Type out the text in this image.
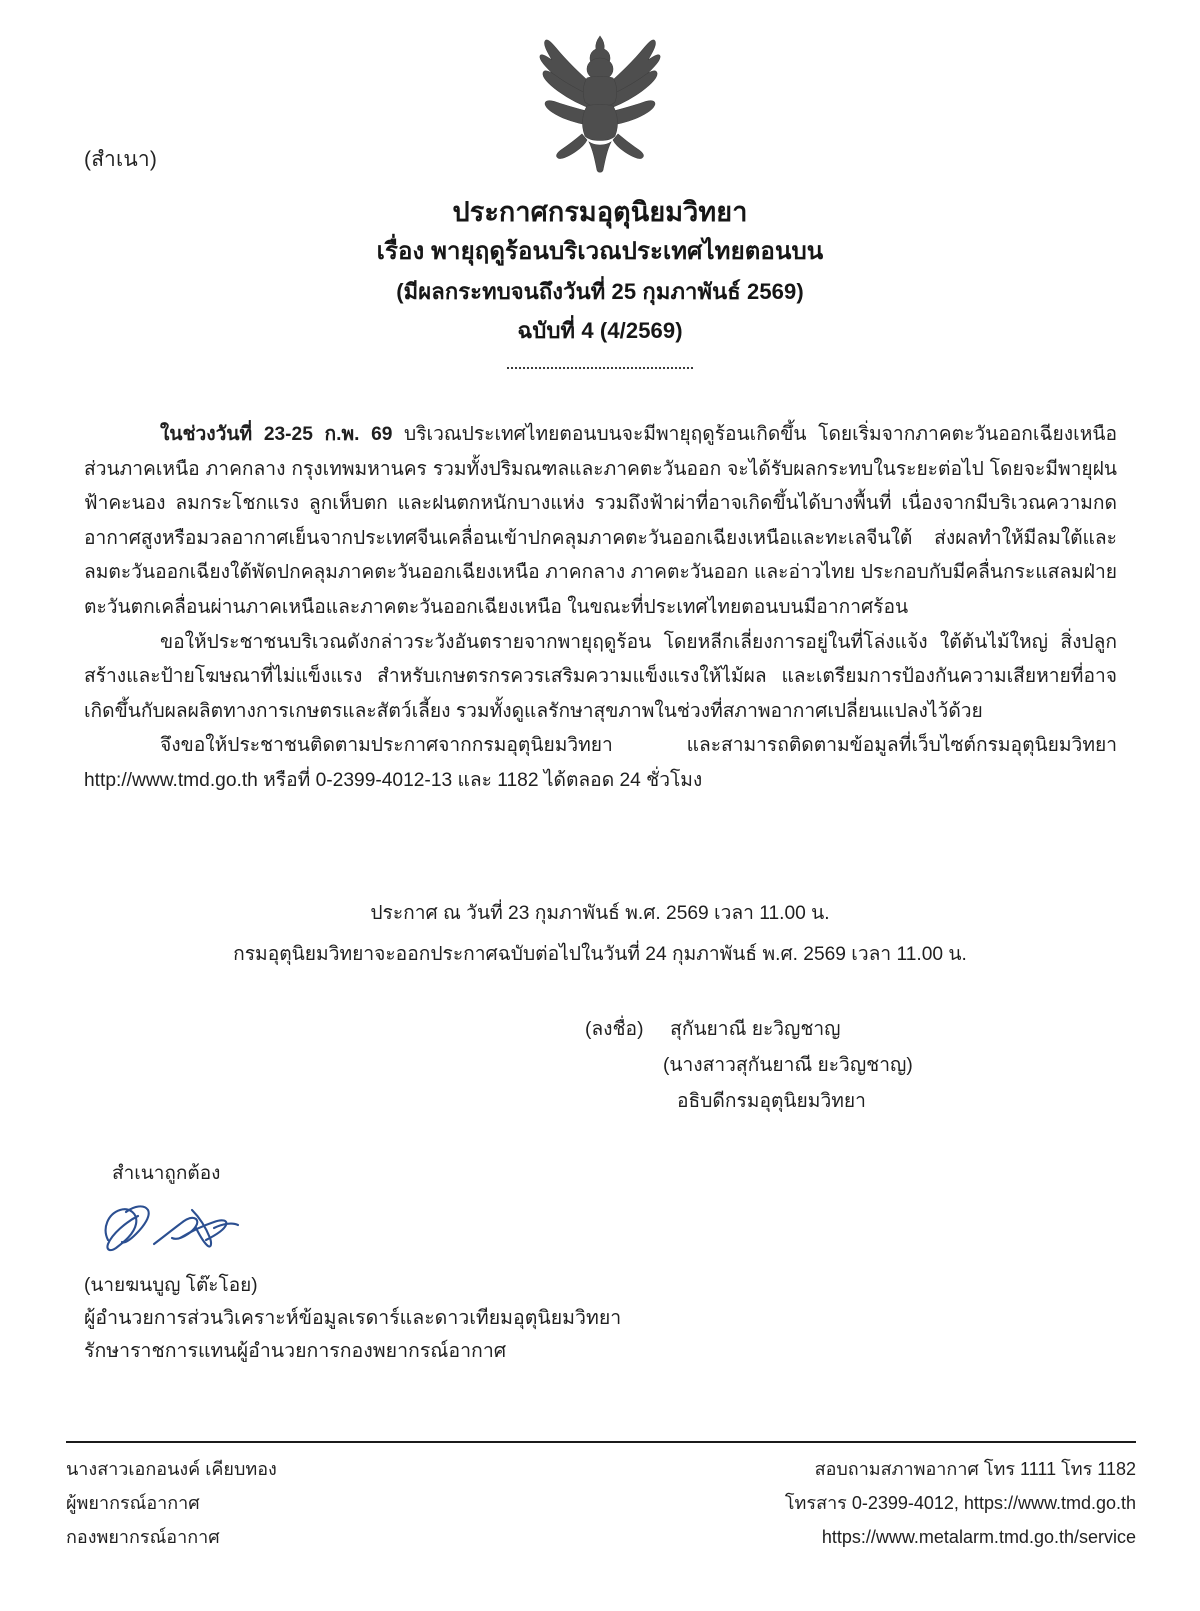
(สำเนา)
ประกาศกรมอุตุนิยมวิทยา
เรื่อง พายุฤดูร้อนบริเวณประเทศไทยตอนบน
(มีผลกระทบจนถึงวันที่ 25 กุมภาพันธ์ 2569)
ฉบับที่ 4 (4/2569)

ในช่วงวันที่ 23-25 ก.พ. 69 บริเวณประเทศไทยตอนบนจะมีพายุฤดูร้อนเกิดขึ้น โดยเริ่มจากภาคตะวันออกเฉียงเหนือ ส่วนภาคเหนือ ภาคกลาง กรุงเทพมหานคร รวมทั้งปริมณฑลและภาคตะวันออก จะได้รับผลกระทบในระยะต่อไป โดยจะมีพายุฝนฟ้าคะนอง ลมกระโชกแรง ลูกเห็บตก และฝนตกหนักบางแห่ง รวมถึงฟ้าผ่าที่อาจเกิดขึ้นได้บางพื้นที่ เนื่องจากมีบริเวณความกดอากาศสูงหรือมวลอากาศเย็นจากประเทศจีนเคลื่อนเข้าปกคลุมภาคตะวันออกเฉียงเหนือและทะเลจีนใต้ ส่งผลทำให้มีลมใต้และลมตะวันออกเฉียงใต้พัดปกคลุมภาคตะวันออกเฉียงเหนือ ภาคกลาง ภาคตะวันออก และอ่าวไทย ประกอบกับมีคลื่นกระแสลมฝ่ายตะวันตกเคลื่อนผ่านภาคเหนือและภาคตะวันออกเฉียงเหนือ ในขณะที่ประเทศไทยตอนบนมีอากาศร้อน

ขอให้ประชาชนบริเวณดังกล่าวระวังอันตรายจากพายุฤดูร้อน โดยหลีกเลี่ยงการอยู่ในที่โล่งแจ้ง ใต้ต้นไม้ใหญ่ สิ่งปลูกสร้างและป้ายโฆษณาที่ไม่แข็งแรง สำหรับเกษตรกรควรเสริมความแข็งแรงให้ไม้ผล และเตรียมการป้องกันความเสียหายที่อาจเกิดขึ้นกับผลผลิตทางการเกษตรและสัตว์เลี้ยง รวมทั้งดูแลรักษาสุขภาพในช่วงที่สภาพอากาศเปลี่ยนแปลงไว้ด้วย

จึงขอให้ประชาชนติดตามประกาศจากกรมอุตุนิยมวิทยา และสามารถติดตามข้อมูลที่เว็บไซต์กรมอุตุนิยมวิทยา http://www.tmd.go.th หรือที่ 0-2399-4012-13 และ 1182 ได้ตลอด 24 ชั่วโมง

ประกาศ ณ วันที่ 23 กุมภาพันธ์ พ.ศ. 2569 เวลา 11.00 น.
กรมอุตุนิยมวิทยาจะออกประกาศฉบับต่อไปในวันที่ 24 กุมภาพันธ์ พ.ศ. 2569 เวลา 11.00 น.
(ลงชื่อ) สุกันยาณี ยะวิญชาญ
(นางสาวสุกันยาณี ยะวิญชาญ)
อธิบดีกรมอุตุนิยมวิทยา
สำเนาถูกต้อง
(นายฆนบูญ โต๊ะโอย)
ผู้อำนวยการส่วนวิเคราะห์ข้อมูลเรดาร์และดาวเทียมอุตุนิยมวิทยา
รักษาราชการแทนผู้อำนวยการกองพยากรณ์อากาศ
นางสาวเอกอนงค์ เคียบทอง
ผู้พยากรณ์อากาศ
กองพยากรณ์อากาศ
สอบถามสภาพอากาศ โทร 1111 โทร 1182
โทรสาร 0-2399-4012, https://www.tmd.go.th
https://www.metalarm.tmd.go.th/service
